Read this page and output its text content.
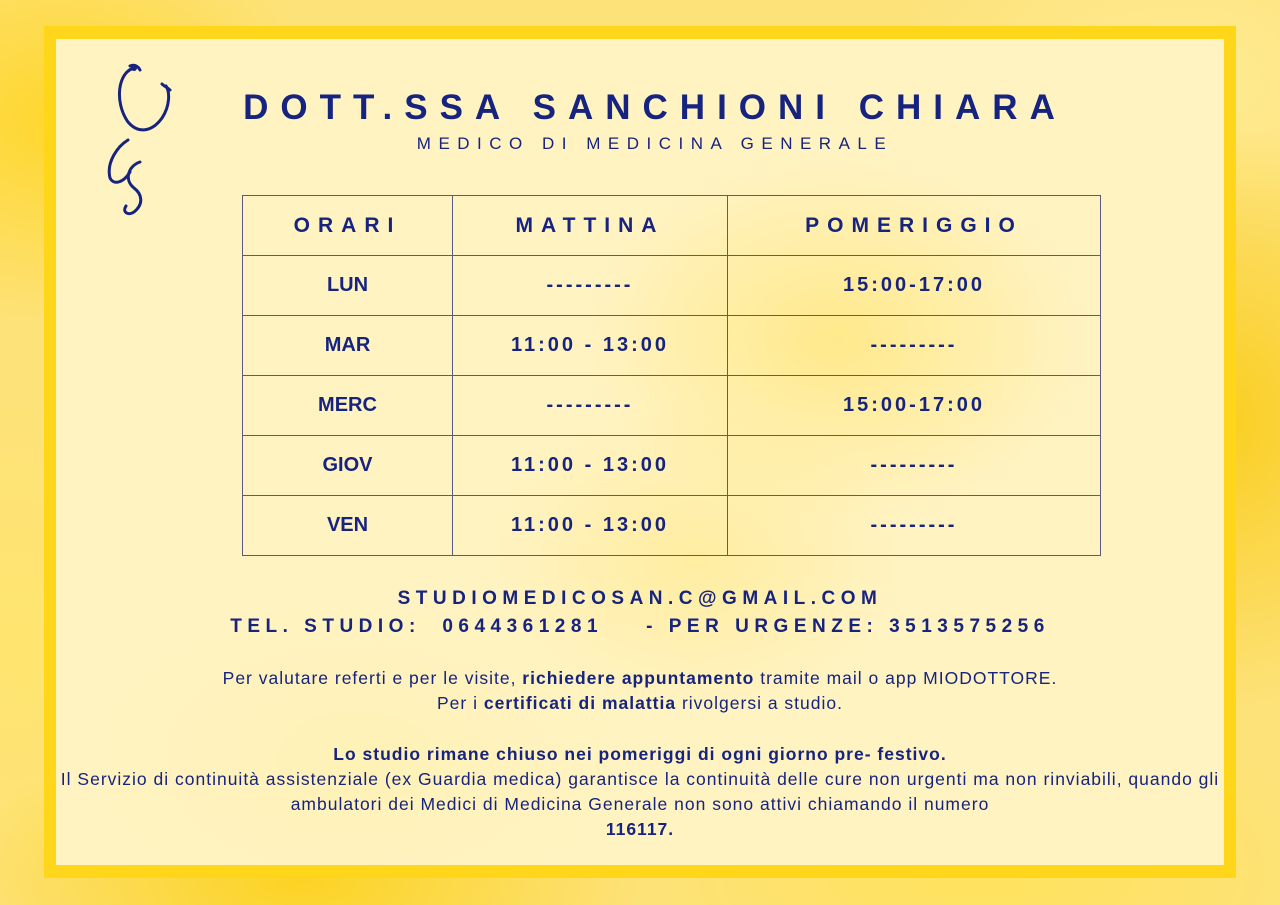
DOTT.SSA SANCHIONI CHIARA

MEDICO DI MEDICINA GENERALE

ORARI	MATTINA	POMERIGGIO
LUN	---------	15:00-17:00
MAR	11:00 - 13:00	---------
MERC	---------	15:00-17:00
GIOV	11:00 - 13:00	---------
VEN	11:00 - 13:00	---------

STUDIOMEDICOSAN.C@GMAIL.COM

TEL. STUDIO: 0644361281 - PER URGENZE: 3513575256

Per valutare referti e per le visite, richiedere appuntamento tramite mail o app MIODOTTORE.
Per i certificati di malattia rivolgersi a studio.

Lo studio rimane chiuso nei pomeriggi di ogni giorno pre- festivo.
Il Servizio di continuità assistenziale (ex Guardia medica) garantisce la continuità delle cure non urgenti ma non rinviabili, quando gli ambulatori dei Medici di Medicina Generale non sono attivi chiamando il numero
116117.
